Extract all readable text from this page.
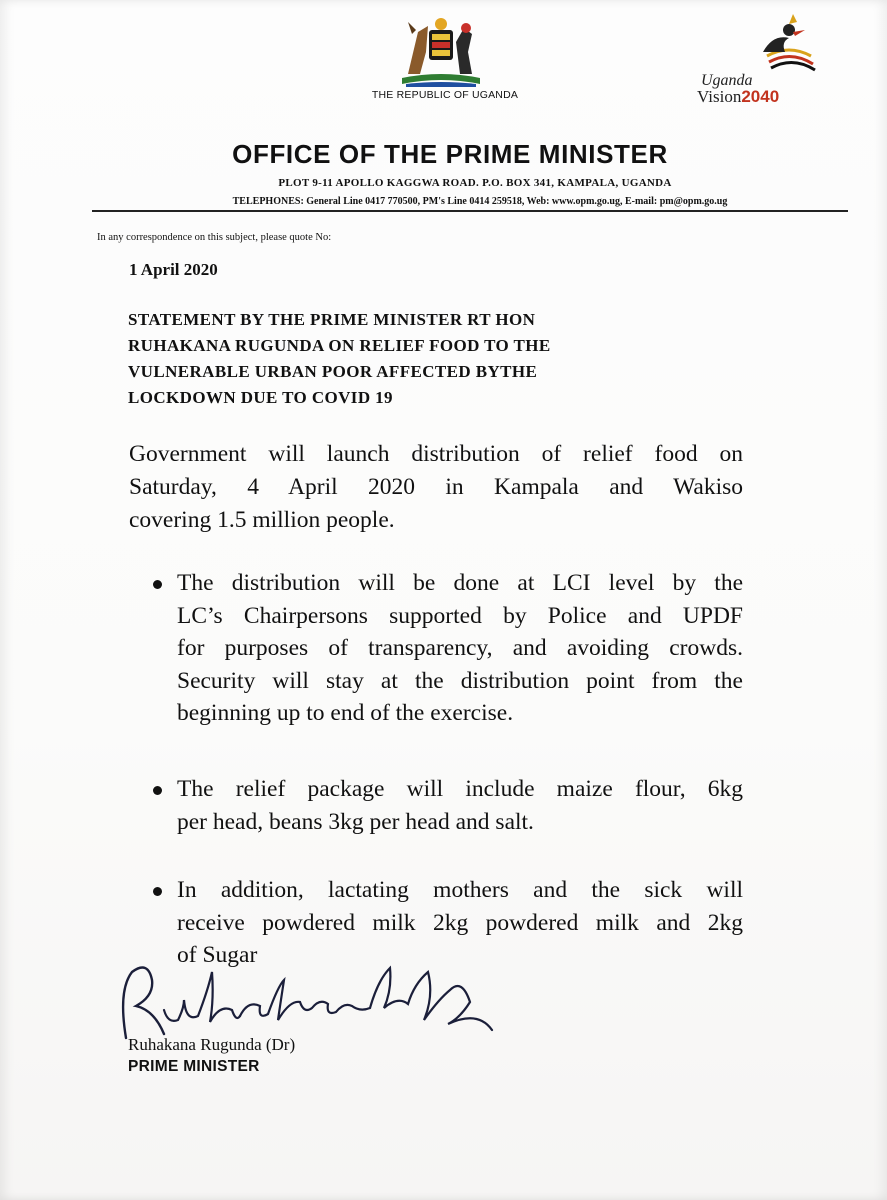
THE REPUBLIC OF UGANDA
Uganda
Vision2040
OFFICE OF THE PRIME MINISTER
PLOT 9-11 APOLLO KAGGWA ROAD. P.O. BOX 341, KAMPALA, UGANDA
TELEPHONES: General Line 0417 770500, PM's Line 0414 259518, Web: www.opm.go.ug, E-mail: pm@opm.go.ug
In any correspondence on this subject, please quote No:
1 April 2020
STATEMENT BY THE PRIME MINISTER RT HON
RUHAKANA RUGUNDA ON RELIEF FOOD TO THE
VULNERABLE URBAN POOR AFFECTED BYTHE
LOCKDOWN DUE TO COVID 19
Government will launch distribution of relief food on
Saturday, 4 April 2020 in Kampala and Wakiso
covering 1.5 million people.
The distribution will be done at LCI level by the
LC’s Chairpersons supported by Police and UPDF
for purposes of transparency, and avoiding crowds.
Security will stay at the distribution point from the
beginning up to end of the exercise.
The relief package will include maize flour, 6kg
per head, beans 3kg per head and salt.
In addition, lactating mothers and the sick will
receive powdered milk 2kg powdered milk and 2kg
of Sugar
Ruhakana Rugunda (Dr)
PRIME MINISTER
